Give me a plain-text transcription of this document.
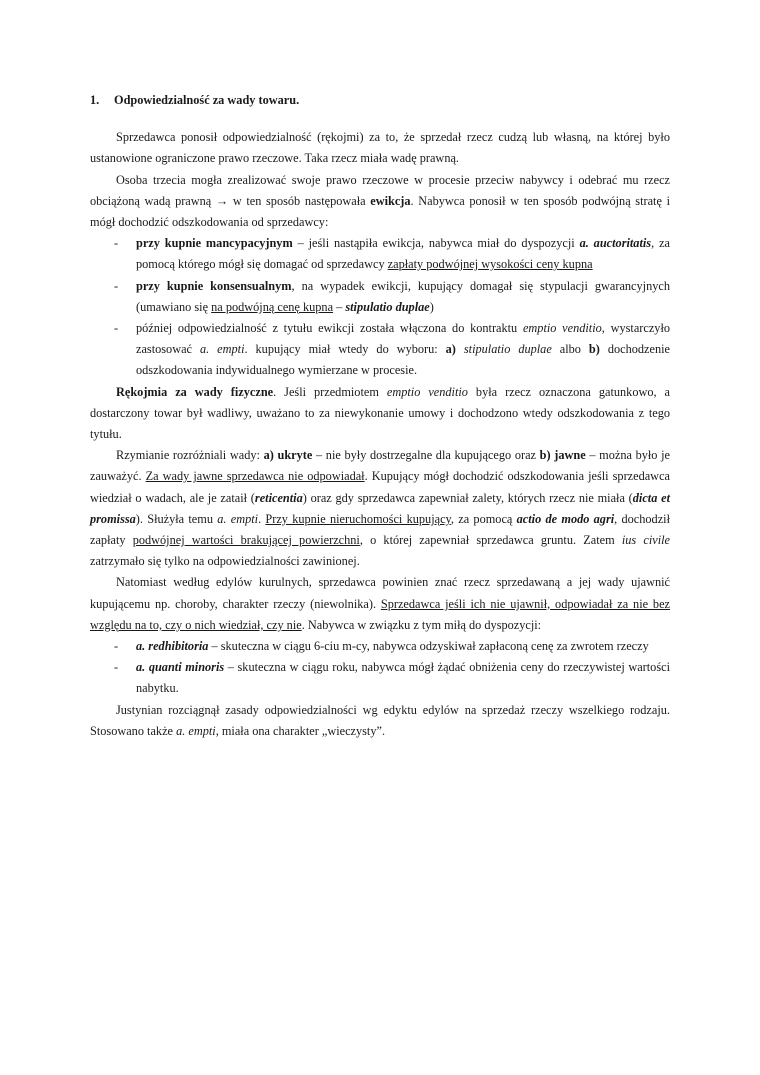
1. Odpowiedzialność za wady towaru.

Sprzedawca ponosił odpowiedzialność (rękojmi) za to, że sprzedał rzecz cudzą lub własną, na której było ustanowione ograniczone prawo rzeczowe. Taka rzecz miała wadę prawną.

Osoba trzecia mogła zrealizować swoje prawo rzeczowe w procesie przeciw nabywcy i odebrać mu rzecz obciążoną wadą prawną → w ten sposób następowała ewikcja. Nabywca ponosił w ten sposób podwójną stratę i mógł dochodzić odszkodowania od sprzedawcy:

- przy kupnie mancypacyjnym – jeśli nastąpiła ewikcja, nabywca miał do dyspozycji a. auctoritatis, za pomocą którego mógł się domagać od sprzedawcy zapłaty podwójnej wysokości ceny kupna
- przy kupnie konsensualnym, na wypadek ewikcji, kupujący domagał się stypulacji gwarancyjnych (umawiano się na podwójną cenę kupna – stipulatio duplae)
- później odpowiedzialność z tytułu ewikcji została włączona do kontraktu emptio venditio, wystarczyło zastosować a. empti. kupujący miał wtedy do wyboru: a) stipulatio duplae albo b) dochodzenie odszkodowania indywidualnego wymierzane w procesie.

Rękojmia za wady fizyczne. Jeśli przedmiotem emptio venditio była rzecz oznaczona gatunkowo, a dostarczony towar był wadliwy, uważano to za niewykonanie umowy i dochodzono wtedy odszkodowania z tego tytułu.

Rzymianie rozróżniali wady: a) ukryte – nie były dostrzegalne dla kupującego oraz b) jawne – można było je zauważyć. Za wady jawne sprzedawca nie odpowiadał. Kupujący mógł dochodzić odszkodowania jeśli sprzedawca wiedział o wadach, ale je zataił (reticentia) oraz gdy sprzedawca zapewniał zalety, których rzecz nie miała (dicta et promissa). Służyła temu a. empti. Przy kupnie nieruchomości kupujący, za pomocą actio de modo agri, dochodził zapłaty podwójnej wartości brakującej powierzchni, o której zapewniał sprzedawca gruntu. Zatem ius civile zatrzymało się tylko na odpowiedzialności zawinionej.

Natomiast według edylów kurulnych, sprzedawca powinien znać rzecz sprzedawaną a jej wady ujawnić kupującemu np. choroby, charakter rzeczy (niewolnika). Sprzedawca jeśli ich nie ujawnił, odpowiadał za nie bez względu na to, czy o nich wiedział, czy nie. Nabywca w związku z tym miłą do dyspozycji:

- a. redhibitoria – skuteczna w ciągu 6-ciu m-cy, nabywca odzyskiwał zapłaconą cenę za zwrotem rzeczy
- a. quanti minoris – skuteczna w ciągu roku, nabywca mógł żądać obniżenia ceny do rzeczywistej wartości nabytku.

Justynian rozciągnął zasady odpowiedzialności wg edyktu edylów na sprzedaż rzeczy wszelkiego rodzaju. Stosowano także a. empti, miała ona charakter „wieczysty”.
